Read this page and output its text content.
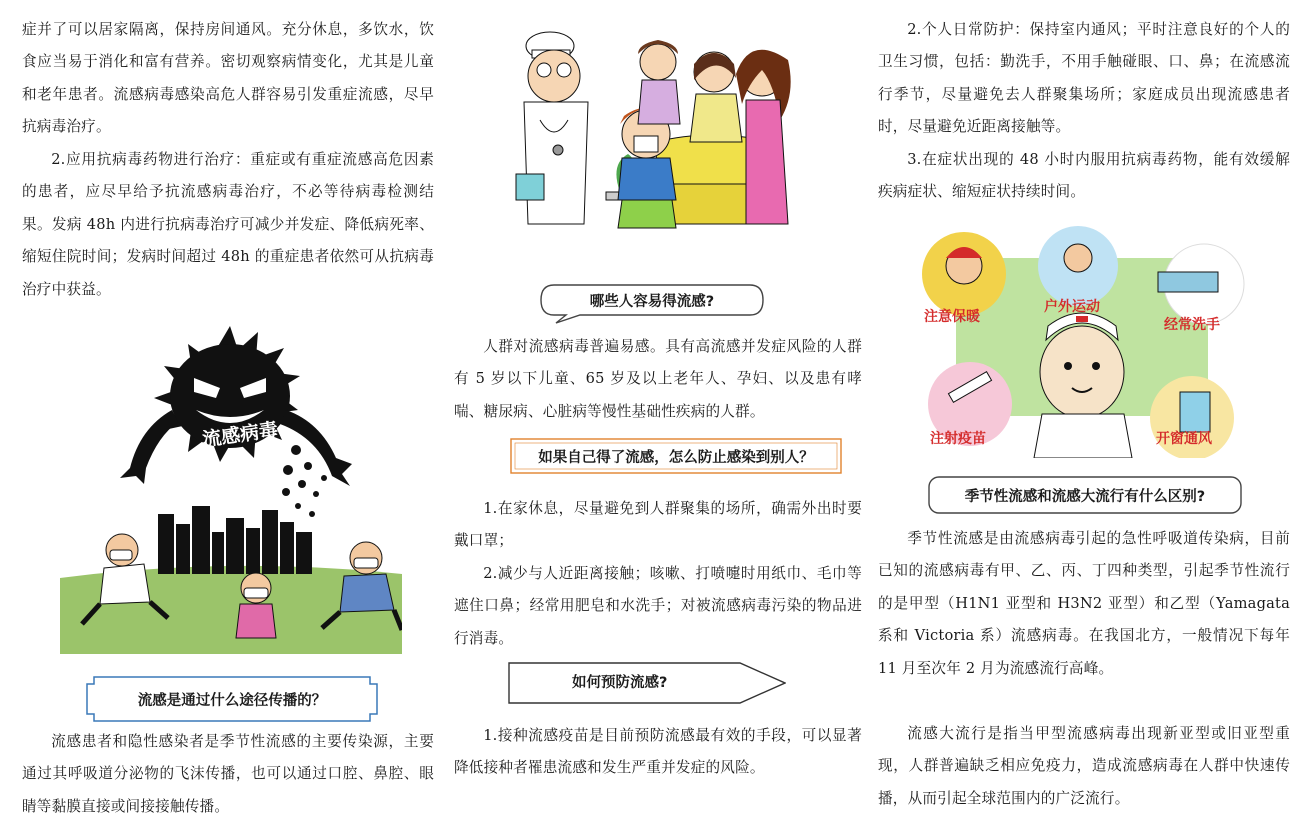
症并了可以居家隔离，保持房间通风。充分休息，多饮水，饮食应当易于消化和富有营养。密切观察病情变化，尤其是儿童和老年患者。流感病毒感染高危人群容易引发重症流感，尽早抗病毒治疗。

2.应用抗病毒药物进行治疗：重症或有重症流感高危因素的患者，应尽早给予抗流感病毒治疗，不必等待病毒检测结果。发病 48h 内进行抗病毒治疗可减少并发症、降低病死率、缩短住院时间；发病时间超过 48h 的重症患者依然可从抗病毒治疗中获益。

流感病毒
流感是通过什么途径传播的？

流感患者和隐性感染者是季节性流感的主要传染源，主要通过其呼吸道分泌物的飞沫传播，也可以通过口腔、鼻腔、眼睛等黏膜直接或间接接触传播。

哪些人容易得流感?

人群对流感病毒普遍易感。具有高流感并发症风险的人群有 5 岁以下儿童、65 岁及以上老年人、孕妇、以及患有哮喘、糖尿病、心脏病等慢性基础性疾病的人群。

如果自己得了流感，怎么防止感染到别人？

1.在家休息，尽量避免到人群聚集的场所，确需外出时要戴口罩；

2.减少与人近距离接触；咳嗽、打喷嚏时用纸巾、毛巾等遮住口鼻；经常用肥皂和水洗手；对被流感病毒污染的物品进行消毒。

如何预防流感?

1.接种流感疫苗是目前预防流感最有效的手段，可以显著降低接种者罹患流感和发生严重并发症的风险。

2.个人日常防护：保持室内通风；平时注意良好的个人的卫生习惯，包括：勤洗手，不用手触碰眼、口、鼻；在流感流行季节，尽量避免去人群聚集场所；家庭成员出现流感患者时，尽量避免近距离接触等。

3.在症状出现的 48 小时内服用抗病毒药物，能有效缓解疾病症状、缩短症状持续时间。

注意保暖
户外运动
经常洗手
注射疫苗	开窗通风
季节性流感和流感大流行有什么区别?

季节性流感是由流感病毒引起的急性呼吸道传染病，目前已知的流感病毒有甲、乙、丙、丁四种类型，引起季节性流行的是甲型（H1N1 亚型和 H3N2 亚型）和乙型（Yamagata 系和 Victoria 系）流感病毒。在我国北方，一般情况下每年 11 月至次年 2 月为流感流行高峰。

流感大流行是指当甲型流感病毒出现新亚型或旧亚型重现，人群普遍缺乏相应免疫力，造成流感病毒在人群中快速传播，从而引起全球范围内的广泛流行。
